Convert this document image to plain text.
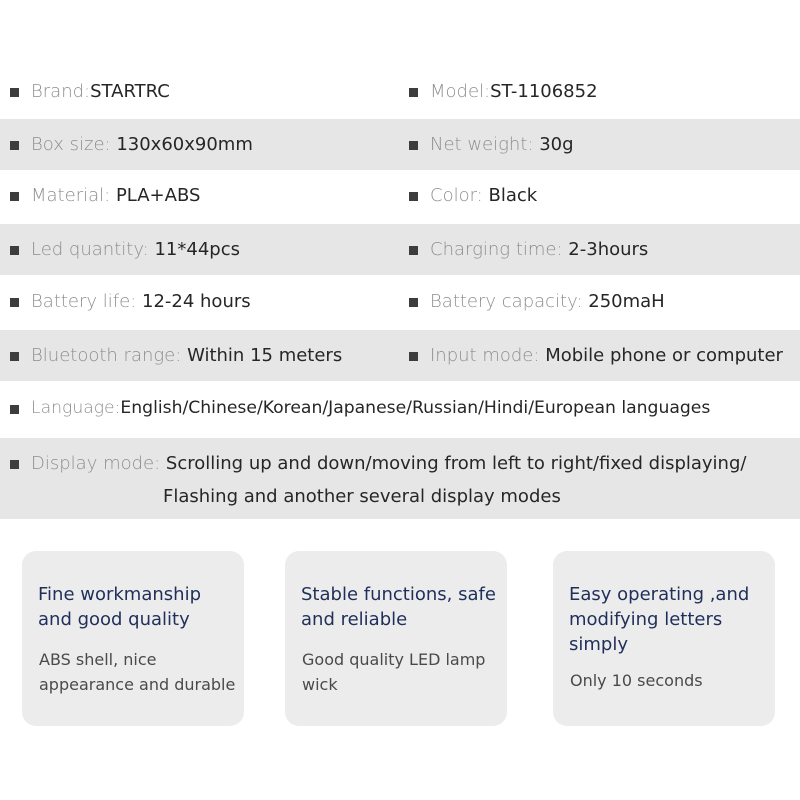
Brand:STARTRC	Model:ST-1106852
Box size: 130x60x90mm	Net weight: 30g
Material: PLA+ABS	Color: Black
Led quantity: 11*44pcs	Charging time: 2-3hours
Battery life: 12-24 hours	Battery capacity: 250maH
Bluetooth range: Within 15 meters	Input mode: Mobile phone or computer
Language:English/Chinese/Korean/Japanese/Russian/Hindi/European languages
Display mode: Scrolling up and down/moving from left to right/fixed displaying/
Flashing and another several display modes

Fine workmanship and good quality

ABS shell, nice appearance and durable

Stable functions, safe and reliable

Good quality LED lamp wick

Easy operating ,and modifying letters simply

Only 10 seconds
